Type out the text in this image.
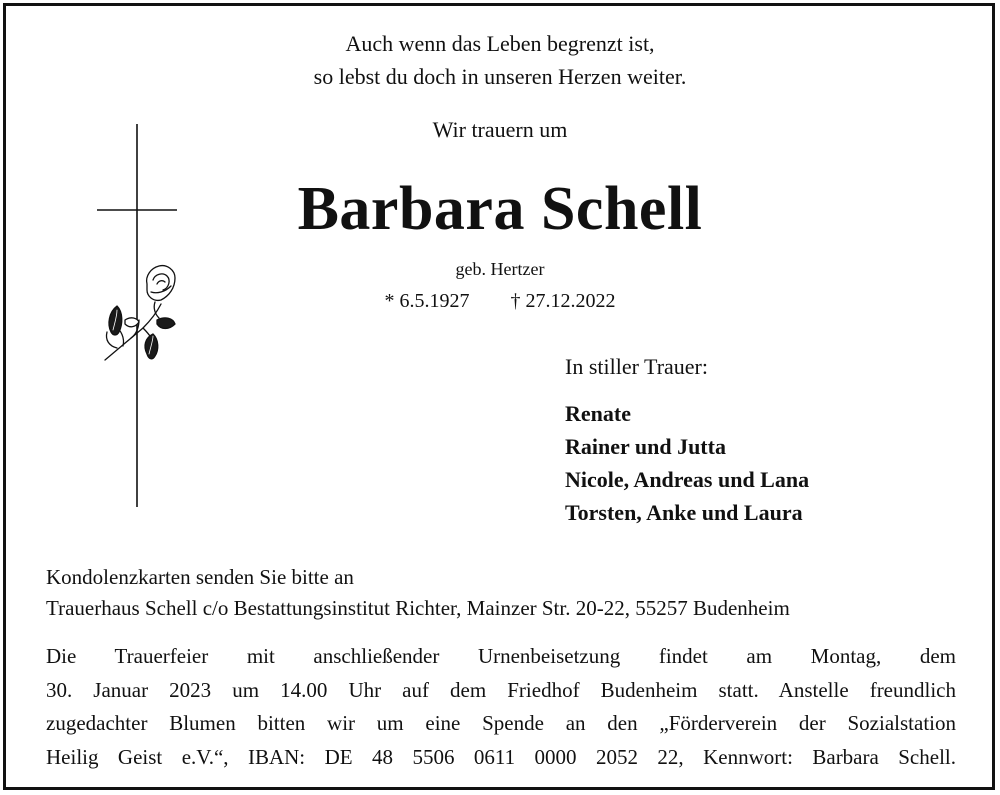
Auch wenn das Leben begrenzt ist,
so lebst du doch in unseren Herzen weiter.
Wir trauern um
Barbara Schell
geb. Hertzer
* 6.5.1927 † 27.12.2022
In stiller Trauer:
Renate
Rainer und Jutta
Nicole, Andreas und Lana
Torsten, Anke und Laura
Kondolenzkarten senden Sie bitte an
Trauerhaus Schell c/o Bestattungsinstitut Richter, Mainzer Str. 20-22, 55257 Budenheim
Die Trauerfeier mit anschließender Urnenbeisetzung findet am Montag, dem
30. Januar 2023 um 14.00 Uhr auf dem Friedhof Budenheim statt. Anstelle freundlich
zugedachter Blumen bitten wir um eine Spende an den „Förderverein der Sozialstation
Heilig Geist e.V.“, IBAN: DE 48 5506 0611 0000 2052 22, Kennwort: Barbara Schell.
